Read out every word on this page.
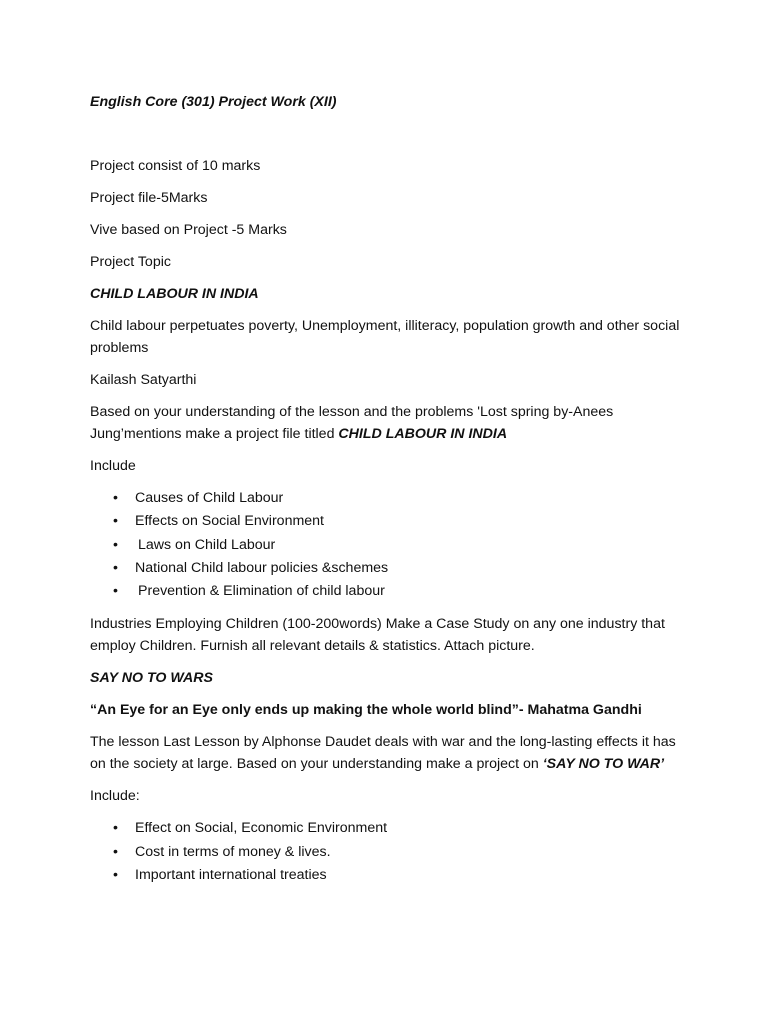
English Core (301) Project Work (XII)

Project consist of 10 marks

Project file-5Marks

Vive based on Project -5 Marks

Project Topic

CHILD LABOUR IN INDIA

Child labour perpetuates poverty, Unemployment, illiteracy, population growth and other social problems

Kailash Satyarthi

Based on your understanding of the lesson and the problems 'Lost spring by-Anees Jung’mentions make a project file titled CHILD LABOUR IN INDIA

Include

• Causes of Child Labour
• Effects on Social Environment
• Laws on Child Labour
• National Child labour policies &schemes
• Prevention & Elimination of child labour

Industries Employing Children (100-200words) Make a Case Study on any one industry that employ Children. Furnish all relevant details & statistics. Attach picture.

SAY NO TO WARS

“An Eye for an Eye only ends up making the whole world blind”- Mahatma Gandhi

The lesson Last Lesson by Alphonse Daudet deals with war and the long-lasting effects it has on the society at large. Based on your understanding make a project on ‘SAY NO TO WAR’

Include:

• Effect on Social, Economic Environment
• Cost in terms of money & lives.
• Important international treaties
